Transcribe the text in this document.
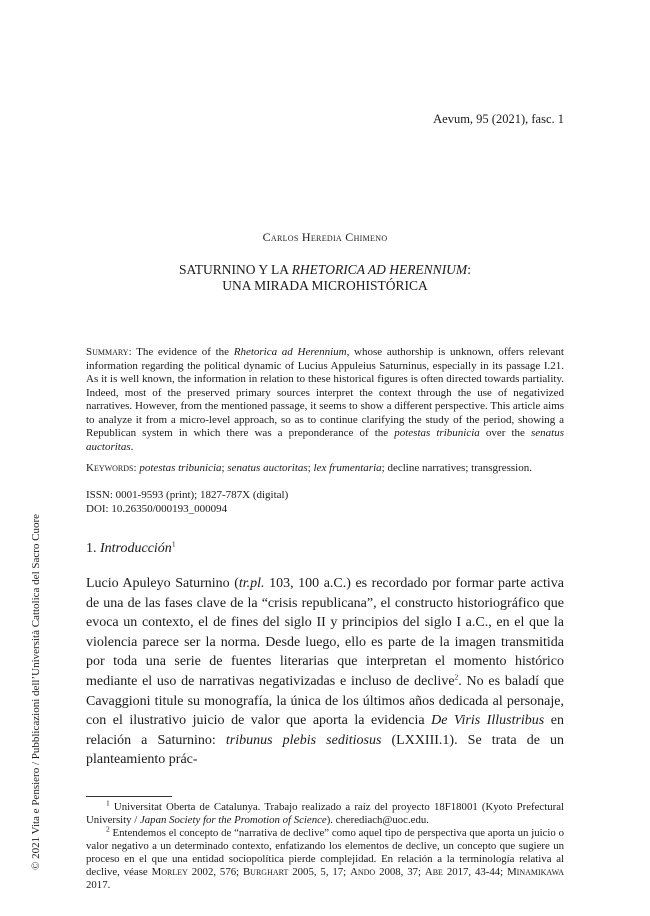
Aevum, 95 (2021), fasc. 1
Carlos Heredia Chimeno
SATURNINO Y LA RHETORICA AD HERENNIUM:
UNA MIRADA MICROHISTÓRICA
Summary: The evidence of the Rhetorica ad Herennium, whose authorship is unknown, offers relevant information regarding the political dynamic of Lucius Appuleius Saturninus, especially in its passage I.21. As it is well known, the information in relation to these historical figures is often directed towards partiality. Indeed, most of the preserved primary sources interpret the context through the use of negativized narratives. However, from the mentioned passage, it seems to show a different perspective. This article aims to analyze it from a micro-level approach, so as to continue clarifying the study of the period, showing a Republican system in which there was a preponderance of the potestas tribunicia over the senatus auctoritas.
Keywords: potestas tribunicia; senatus auctoritas; lex frumentaria; decline narratives; transgression.
ISSN: 0001-9593 (print); 1827-787X (digital)
DOI: 10.26350/000193_000094
1. Introducción$^1$
Lucio Apuleyo Saturnino (tr.pl. 103, 100 a.C.) es recordado por formar parte activa de una de las fases clave de la “crisis republicana”, el constructo historiográfico que evoca un contexto, el de fines del siglo II y principios del siglo I a.C., en el que la violencia parece ser la norma. Desde luego, ello es parte de la imagen transmitida por toda una serie de fuentes literarias que interpretan el momento histórico mediante el uso de narrativas negativizadas e incluso de declive$^2$. No es baladí que Cavaggioni titule su monografía, la única de los últimos años dedicada al personaje, con el ilustrativo juicio de valor que aporta la evidencia De Viris Illustribus en relación a Saturnino: tribunus plebis seditiosus (LXXIII.1). Se trata de un planteamiento prác-

$^1$ Universitat Oberta de Catalunya. Trabajo realizado a raíz del proyecto 18F18001 (Kyoto Prefectural University / Japan Society for the Promotion of Science). cherediach@uoc.edu.

$^2$ Entendemos el concepto de “narrativa de declive” como aquel tipo de perspectiva que aporta un juicio o valor negativo a un determinado contexto, enfatizando los elementos de declive, un concepto que sugiere un proceso en el que una entidad sociopolítica pierde complejidad. En relación a la terminología relativa al declive, véase Morley 2002, 576; Burghart 2005, 5, 17; Ando 2008, 37; Abe 2017, 43-44; Minamikawa 2017.

© 2021 Vita e Pensiero / Pubblicazioni dell’Università Cattolica del Sacro Cuore
